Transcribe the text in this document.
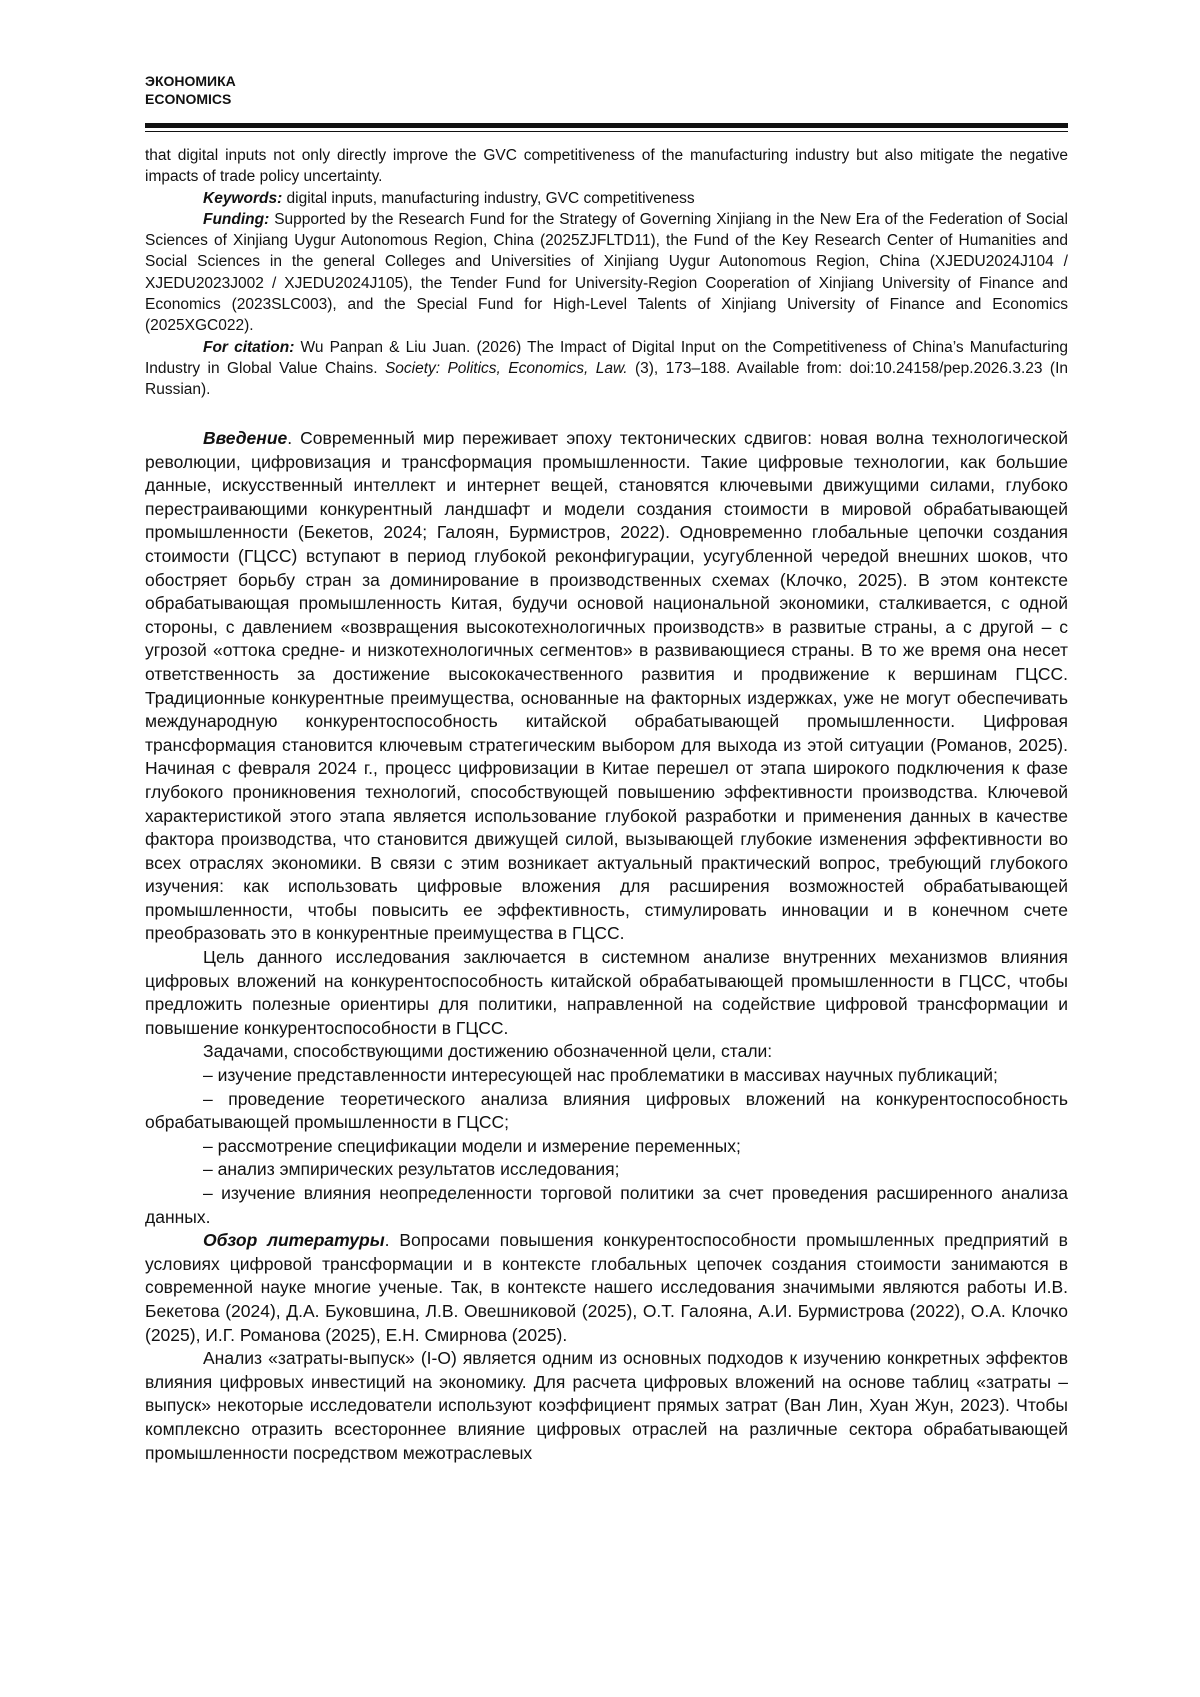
ЭКОНОМИКА
ECONOMICS

that digital inputs not only directly improve the GVC competitiveness of the manufacturing industry but also mitigate the negative impacts of trade policy uncertainty.

Keywords: digital inputs, manufacturing industry, GVC competitiveness

Funding: Supported by the Research Fund for the Strategy of Governing Xinjiang in the New Era of the Federation of Social Sciences of Xinjiang Uygur Autonomous Region, China (2025ZJFLTD11), the Fund of the Key Research Center of Humanities and Social Sciences in the general Colleges and Universities of Xinjiang Uygur Autonomous Region, China (XJEDU2024J104 / XJEDU2023J002 / XJEDU2024J105), the Tender Fund for University-Region Cooperation of Xinjiang University of Finance and Economics (2023SLC003), and the Special Fund for High-Level Talents of Xinjiang University of Finance and Economics (2025XGC022).

For citation: Wu Panpan & Liu Juan. (2026) The Impact of Digital Input on the Competitiveness of China’s Manufacturing Industry in Global Value Chains. Society: Politics, Economics, Law. (3), 173–188. Available from: doi:10.24158/pep.2026.3.23 (In Russian).

Введение. Современный мир переживает эпоху тектонических сдвигов: новая волна технологической революции, цифровизация и трансформация промышленности. Такие цифровые технологии, как большие данные, искусственный интеллект и интернет вещей, становятся ключевыми движущими силами, глубоко перестраивающими конкурентный ландшафт и модели создания стоимости в мировой обрабатывающей промышленности (Бекетов, 2024; Галоян, Бурмистров, 2022). Одновременно глобальные цепочки создания стоимости (ГЦСС) вступают в период глубокой реконфигурации, усугубленной чередой внешних шоков, что обостряет борьбу стран за доминирование в производственных схемах (Клочко, 2025). В этом контексте обрабатывающая промышленность Китая, будучи основой национальной экономики, сталкивается, с одной стороны, с давлением «возвращения высокотехнологичных производств» в развитые страны, а с другой – с угрозой «оттока средне- и низкотехнологичных сегментов» в развивающиеся страны. В то же время она несет ответственность за достижение высококачественного развития и продвижение к вершинам ГЦСС. Традиционные конкурентные преимущества, основанные на факторных издержках, уже не могут обеспечивать международную конкурентоспособность китайской обрабатывающей промышленности. Цифровая трансформация становится ключевым стратегическим выбором для выхода из этой ситуации (Романов, 2025). Начиная с февраля 2024 г., процесс цифровизации в Китае перешел от этапа широкого подключения к фазе глубокого проникновения технологий, способствующей повышению эффективности производства. Ключевой характеристикой этого этапа является использование глубокой разработки и применения данных в качестве фактора производства, что становится движущей силой, вызывающей глубокие изменения эффективности во всех отраслях экономики. В связи с этим возникает актуальный практический вопрос, требующий глубокого изучения: как использовать цифровые вложения для расширения возможностей обрабатывающей промышленности, чтобы повысить ее эффективность, стимулировать инновации и в конечном счете преобразовать это в конкурентные преимущества в ГЦСС.

Цель данного исследования заключается в системном анализе внутренних механизмов влияния цифровых вложений на конкурентоспособность китайской обрабатывающей промышленности в ГЦСС, чтобы предложить полезные ориентиры для политики, направленной на содействие цифровой трансформации и повышение конкурентоспособности в ГЦСС.

Задачами, способствующими достижению обозначенной цели, стали:

– изучение представленности интересующей нас проблематики в массивах научных публикаций;

– проведение теоретического анализа влияния цифровых вложений на конкурентоспособность обрабатывающей промышленности в ГЦСС;

– рассмотрение спецификации модели и измерение переменных;

– анализ эмпирических результатов исследования;

– изучение влияния неопределенности торговой политики за счет проведения расширенного анализа данных.

Обзор литературы. Вопросами повышения конкурентоспособности промышленных предприятий в условиях цифровой трансформации и в контексте глобальных цепочек создания стоимости занимаются в современной науке многие ученые. Так, в контексте нашего исследования значимыми являются работы И.В. Бекетова (2024), Д.А. Буковшина, Л.В. Овешниковой (2025), О.Т. Галояна, А.И. Бурмистрова (2022), О.А. Клочко (2025), И.Г. Романова (2025), Е.Н. Смирнова (2025).

Анализ «затраты-выпуск» (I-O) является одним из основных подходов к изучению конкретных эффектов влияния цифровых инвестиций на экономику. Для расчета цифровых вложений на основе таблиц «затраты – выпуск» некоторые исследователи используют коэффициент прямых затрат (Ван Лин, Хуан Жун, 2023). Чтобы комплексно отразить всестороннее влияние цифровых отраслей на различные сектора обрабатывающей промышленности посредством межотраслевых
